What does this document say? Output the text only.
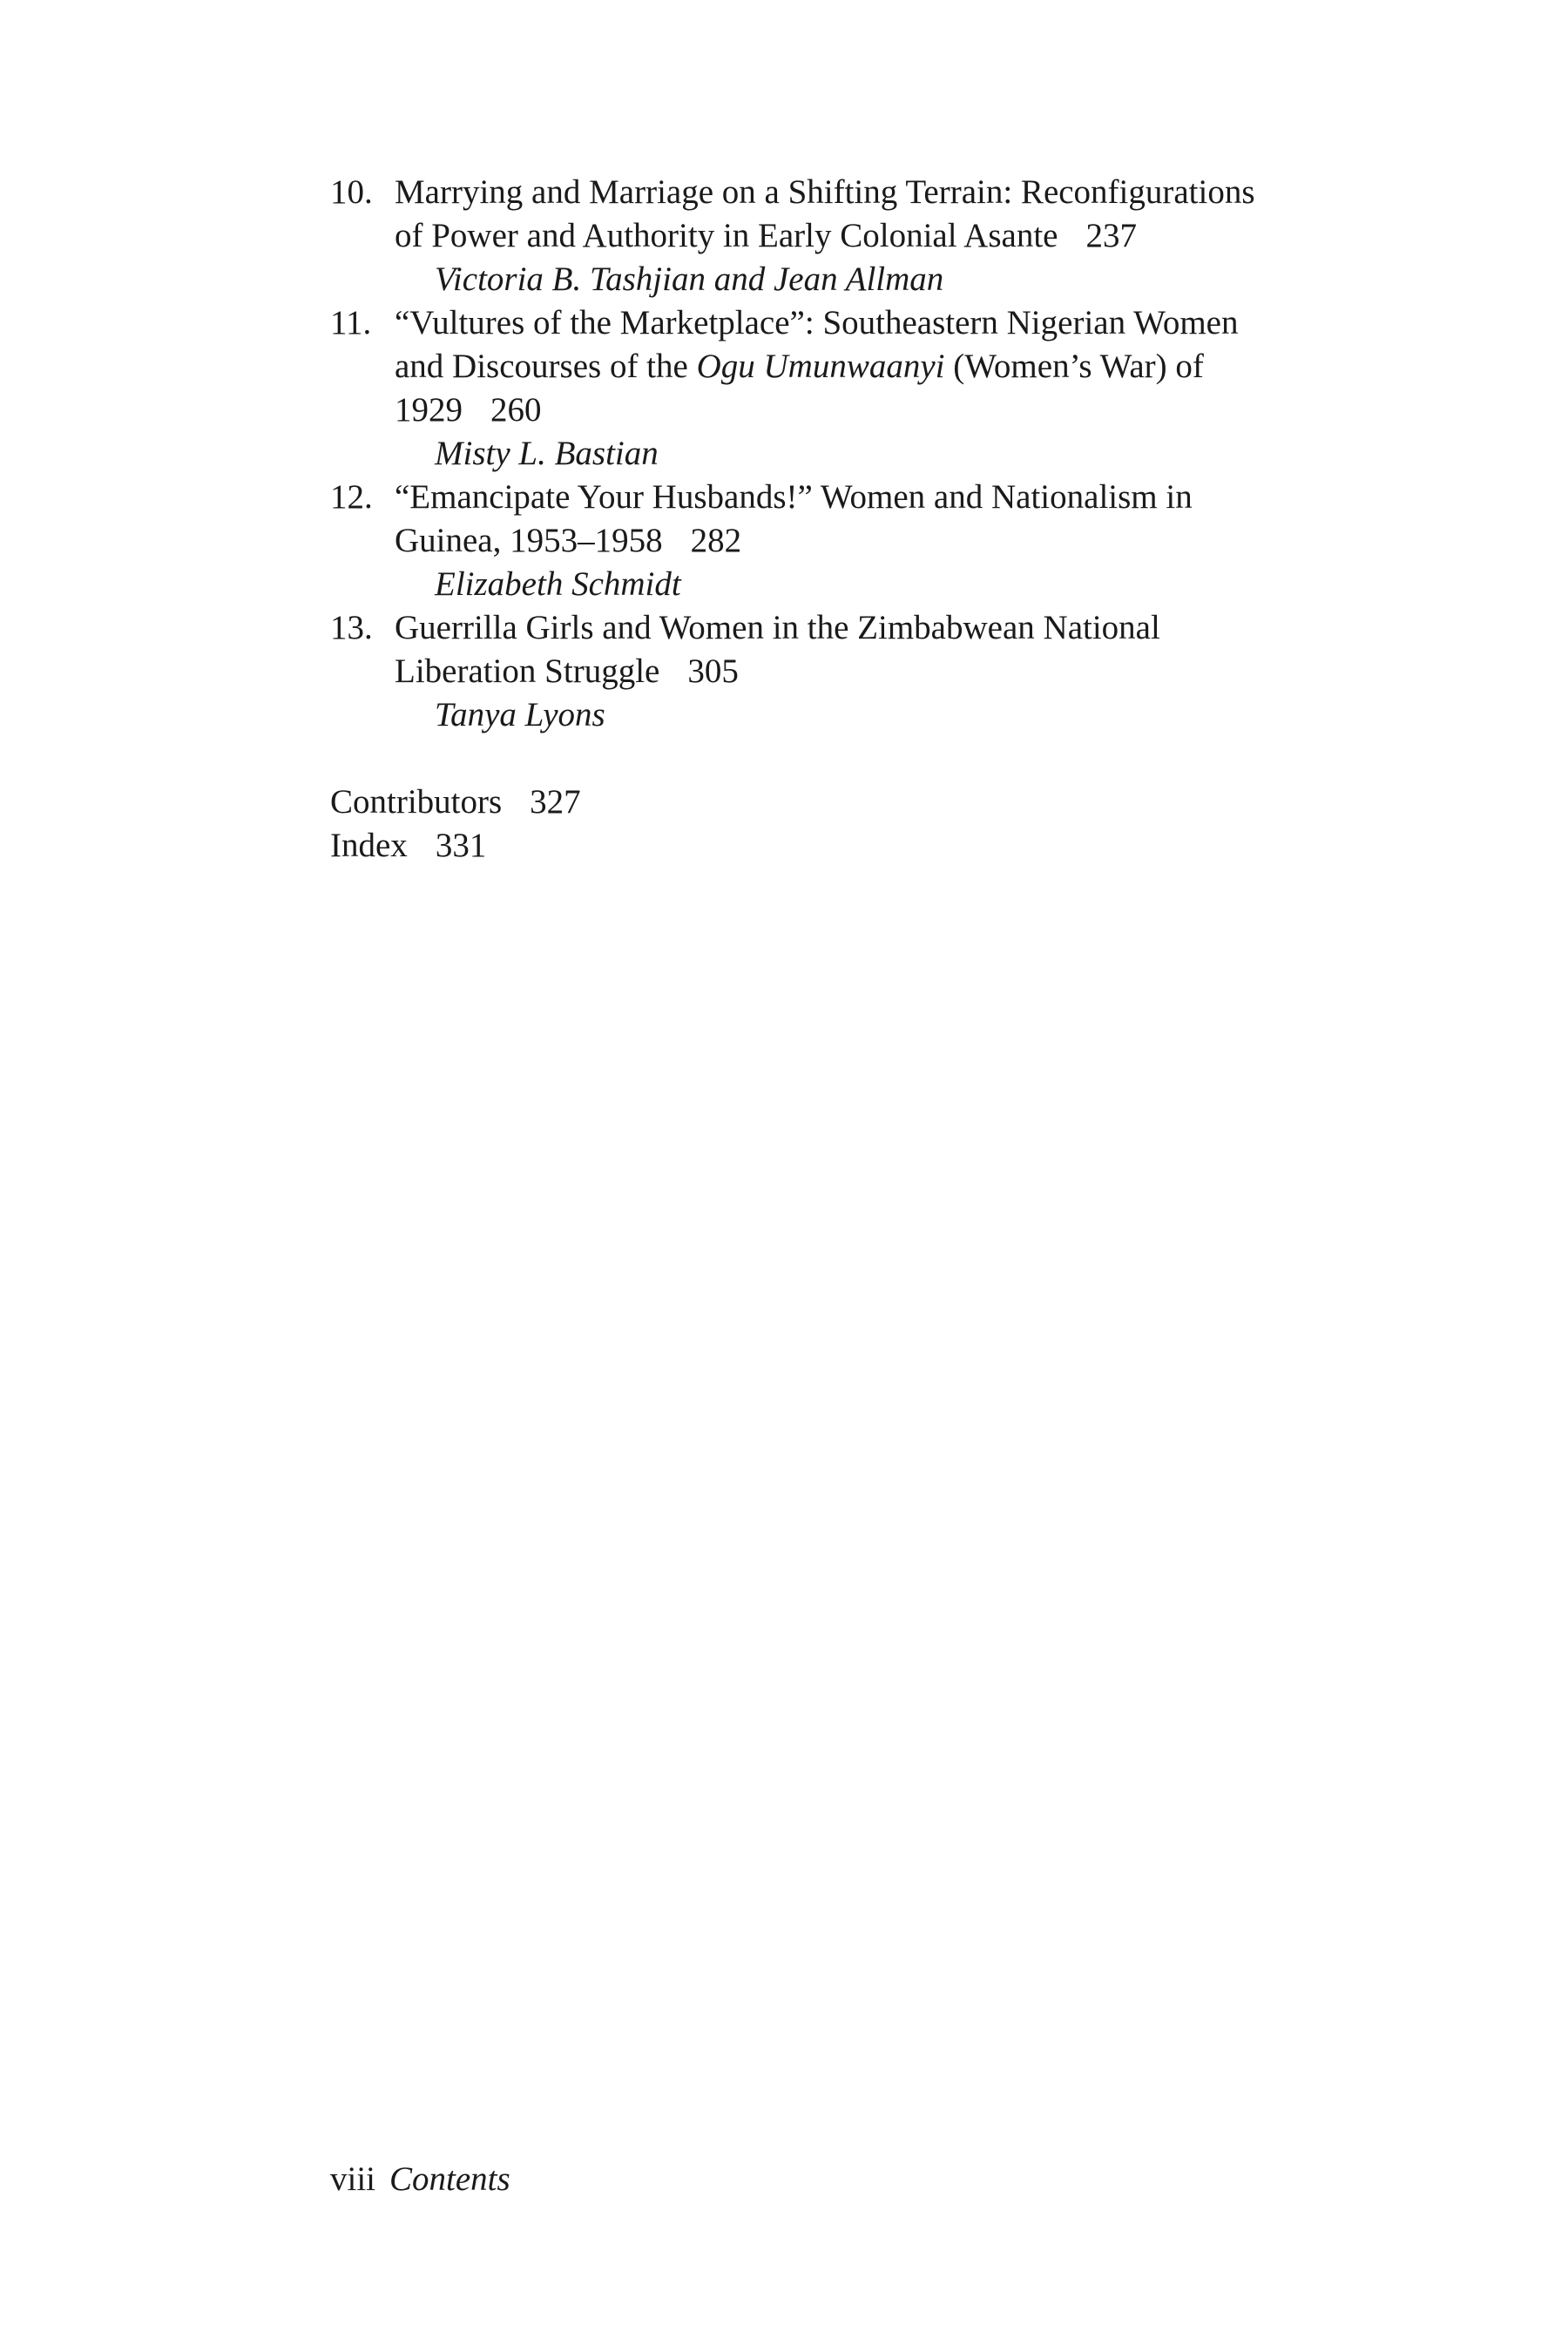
10. Marrying and Marriage on a Shifting Terrain: Reconfigurations
of Power and Authority in Early Colonial Asante 237
Victoria B. Tashjian and Jean Allman
11. “Vultures of the Marketplace”: Southeastern Nigerian Women
and Discourses of the Ogu Umunwaanyi (Women’s War) of
1929 260
Misty L. Bastian
12. “Emancipate Your Husbands!” Women and Nationalism in
Guinea, 1953–1958 282
Elizabeth Schmidt
13. Guerrilla Girls and Women in the Zimbabwean National
Liberation Struggle 305
Tanya Lyons
Contributors 327
Index 331
viii Contents
